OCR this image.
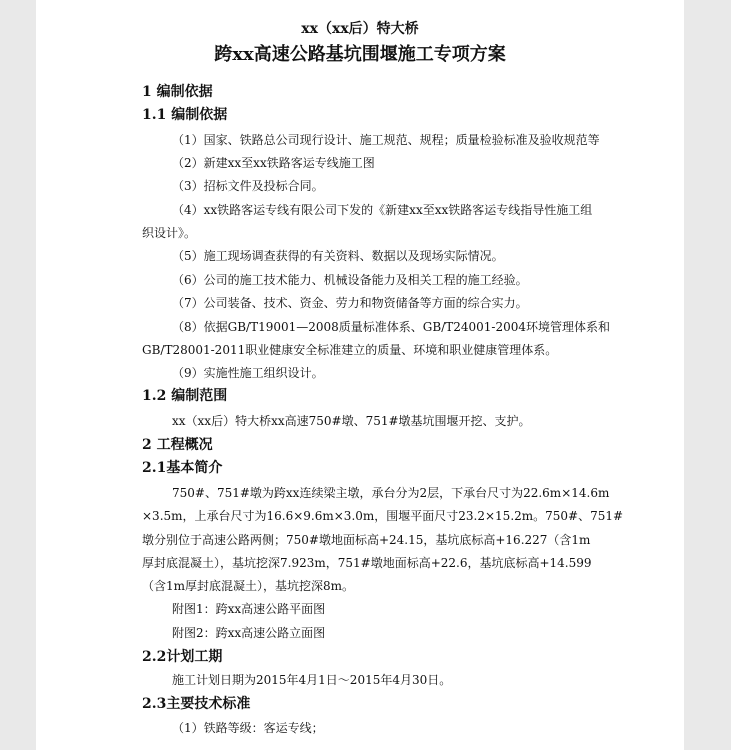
xx（xx后）特大桥
跨xx高速公路基坑围堰施工专项方案
1 编制依据
1.1 编制依据
（1）国家、铁路总公司现行设计、施工规范、规程；质量检验标准及验收规范等
（2）新建xx至xx铁路客运专线施工图
（3）招标文件及投标合同。
（4）xx铁路客运专线有限公司下发的《新建xx至xx铁路客运专线指导性施工组
织设计》。
（5）施工现场调查获得的有关资料、数据以及现场实际情况。
（6）公司的施工技术能力、机械设备能力及相关工程的施工经验。
（7）公司装备、技术、资金、劳力和物资储备等方面的综合实力。
（8）依据GB/T19001—2008质量标准体系、GB/T24001-2004环境管理体系和
GB/T28001-2011职业健康安全标准建立的质量、环境和职业健康管理体系。
（9）实施性施工组织设计。
1.2 编制范围
xx（xx后）特大桥xx高速750#墩、751#墩基坑围堰开挖、支护。
2 工程概况
2.1基本简介
750#、751#墩为跨xx连续梁主墩，承台分为2层，下承台尺寸为22.6m×14.6m
×3.5m，上承台尺寸为16.6×9.6m×3.0m，围堰平面尺寸23.2×15.2m。750#、751#
墩分别位于高速公路两侧；750#墩地面标高+24.15，基坑底标高+16.227（含1m
厚封底混凝土），基坑挖深7.923m，751#墩地面标高+22.6，基坑底标高+14.599
（含1m厚封底混凝土），基坑挖深8m。
附图1：跨xx高速公路平面图
附图2：跨xx高速公路立面图
2.2计划工期
施工计划日期为2015年4月1日～2015年4月30日。
2.3主要技术标准
（1）铁路等级：客运专线；
